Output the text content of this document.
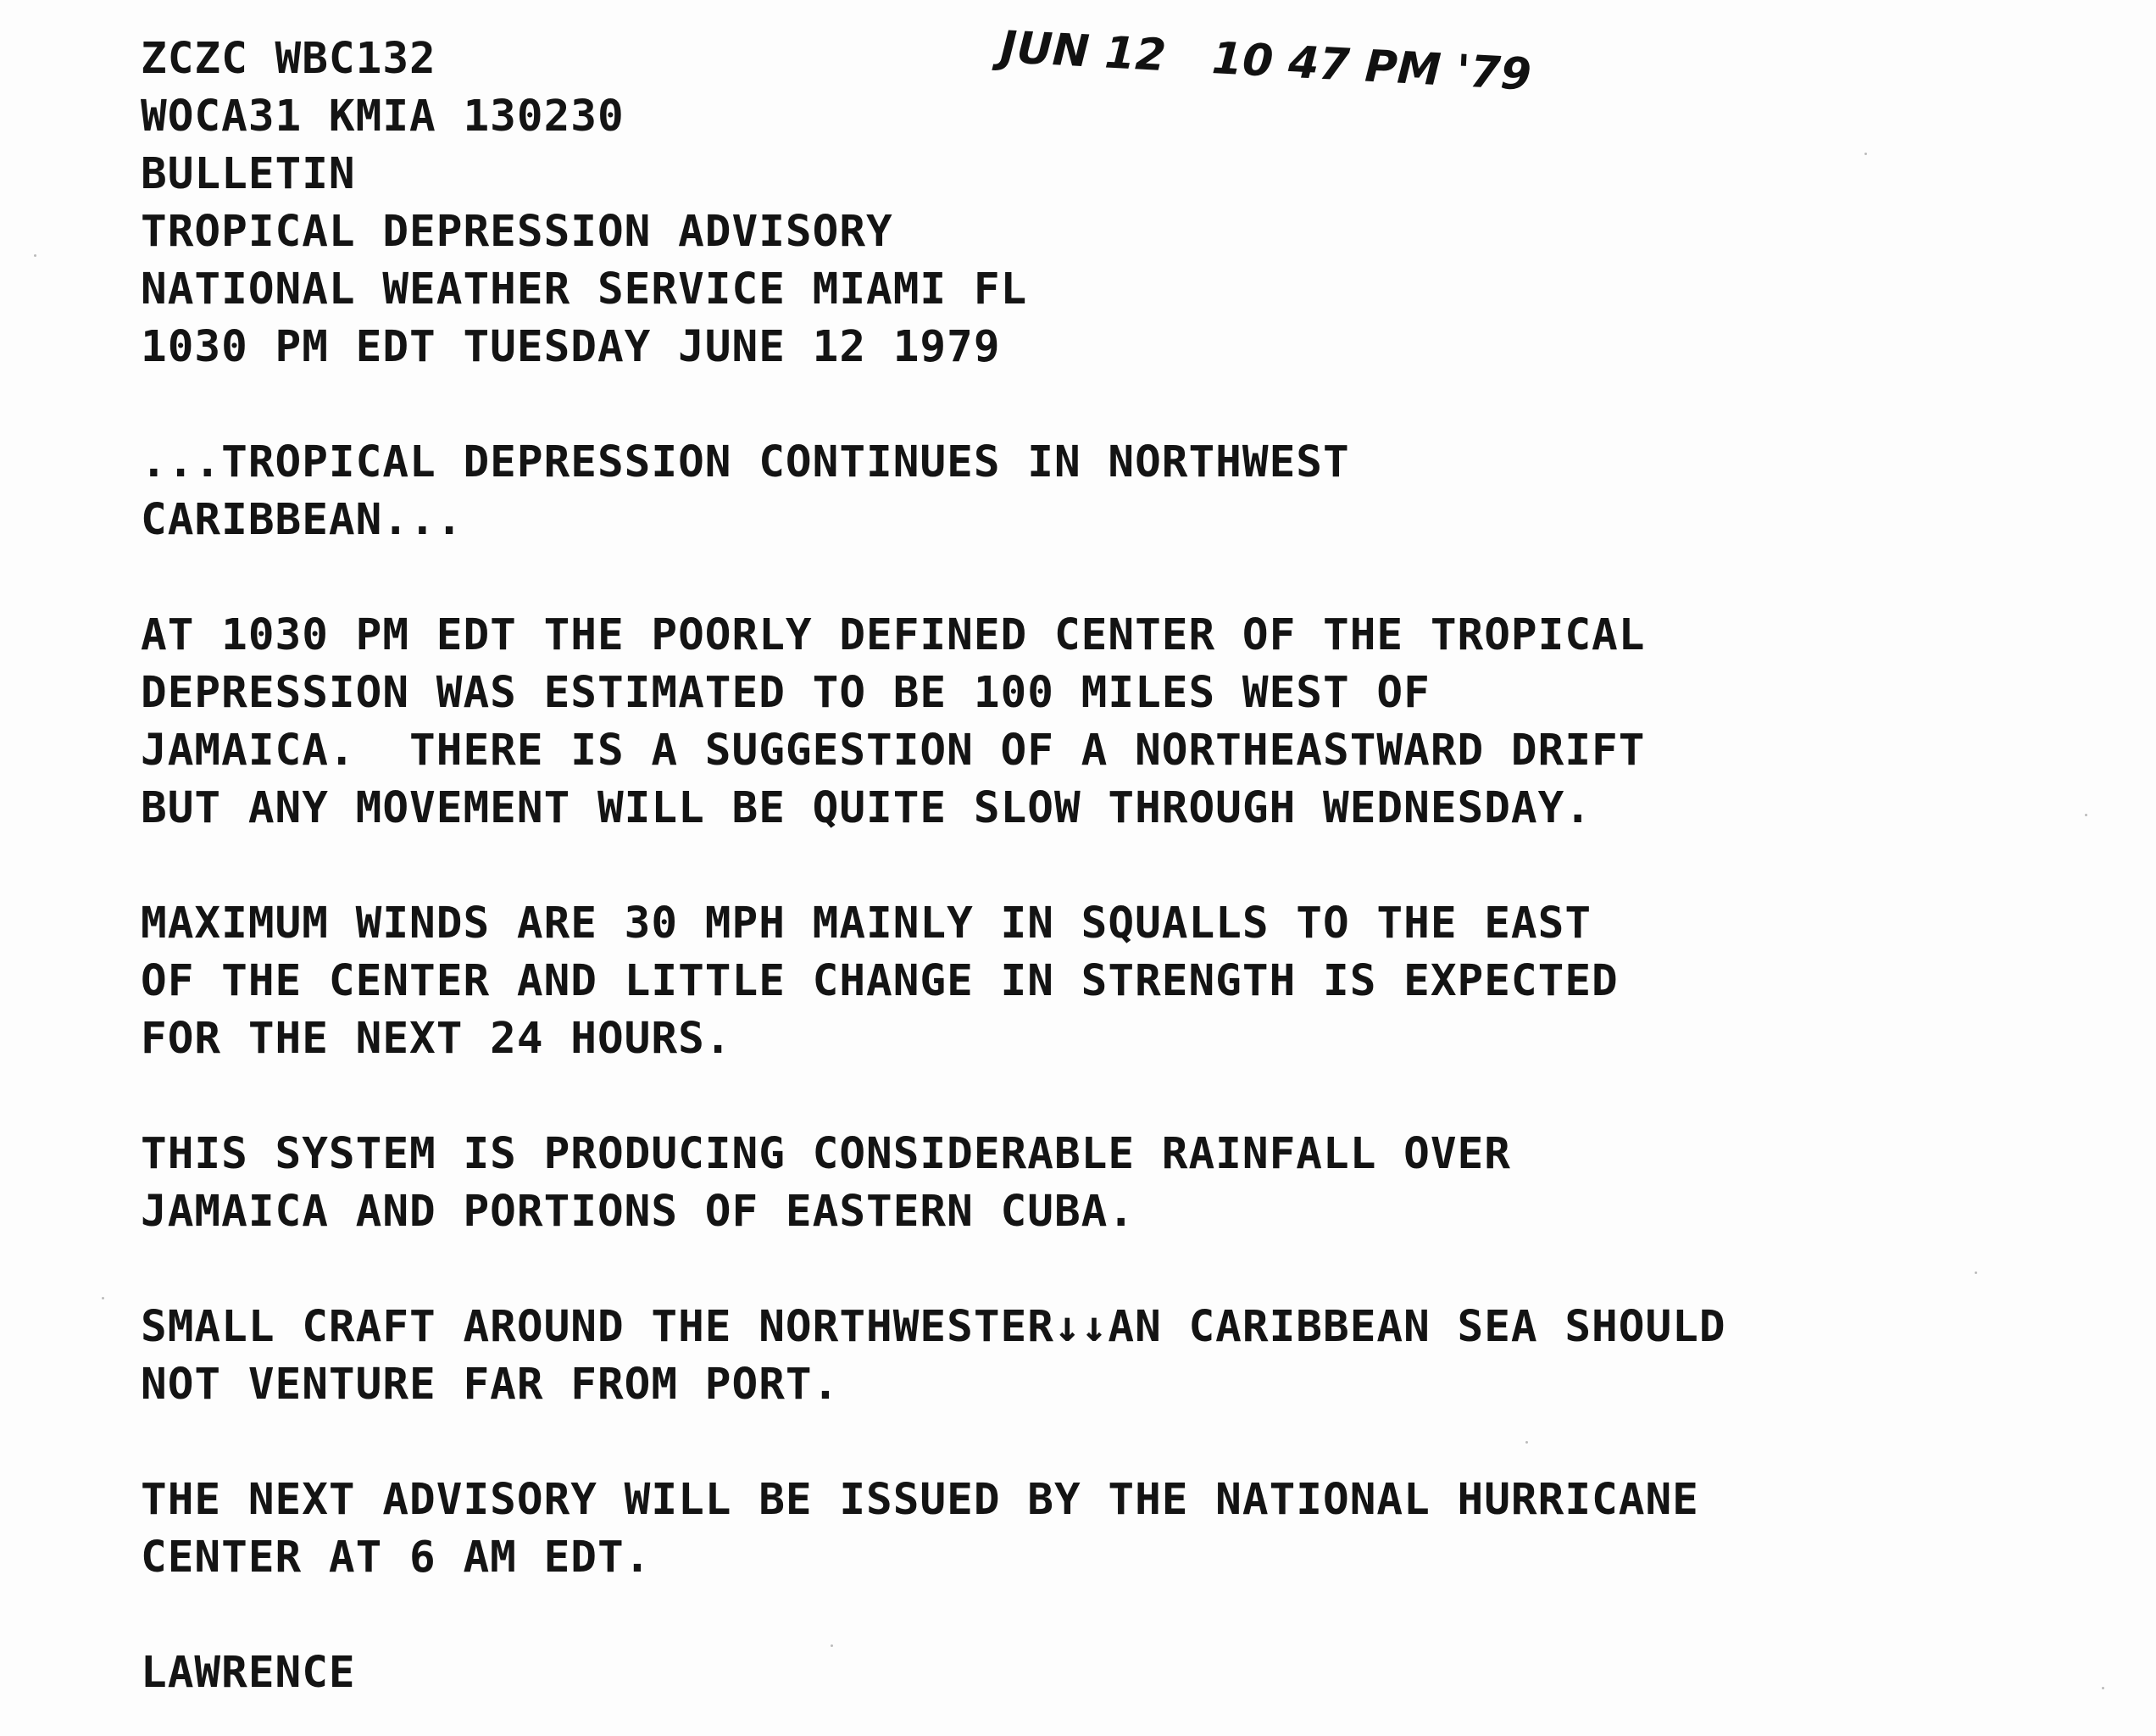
JUN 12   10 47 PM '79
ZCZC WBC132
WOCA31 KMIA 130230
BULLETIN
TROPICAL DEPRESSION ADVISORY
NATIONAL WEATHER SERVICE MIAMI FL
1030 PM EDT TUESDAY JUNE 12 1979
...TROPICAL DEPRESSION CONTINUES IN NORTHWEST
CARIBBEAN...
AT 1030 PM EDT THE POORLY DEFINED CENTER OF THE TROPICAL
DEPRESSION WAS ESTIMATED TO BE 100 MILES WEST OF
JAMAICA.  THERE IS A SUGGESTION OF A NORTHEASTWARD DRIFT
BUT ANY MOVEMENT WILL BE QUITE SLOW THROUGH WEDNESDAY.
MAXIMUM WINDS ARE 30 MPH MAINLY IN SQUALLS TO THE EAST
OF THE CENTER AND LITTLE CHANGE IN STRENGTH IS EXPECTED
FOR THE NEXT 24 HOURS.
THIS SYSTEM IS PRODUCING CONSIDERABLE RAINFALL OVER
JAMAICA AND PORTIONS OF EASTERN CUBA.
SMALL CRAFT AROUND THE NORTHWESTER↓↓AN CARIBBEAN SEA SHOULD
NOT VENTURE FAR FROM PORT.
THE NEXT ADVISORY WILL BE ISSUED BY THE NATIONAL HURRICANE
CENTER AT 6 AM EDT.
LAWRENCE
